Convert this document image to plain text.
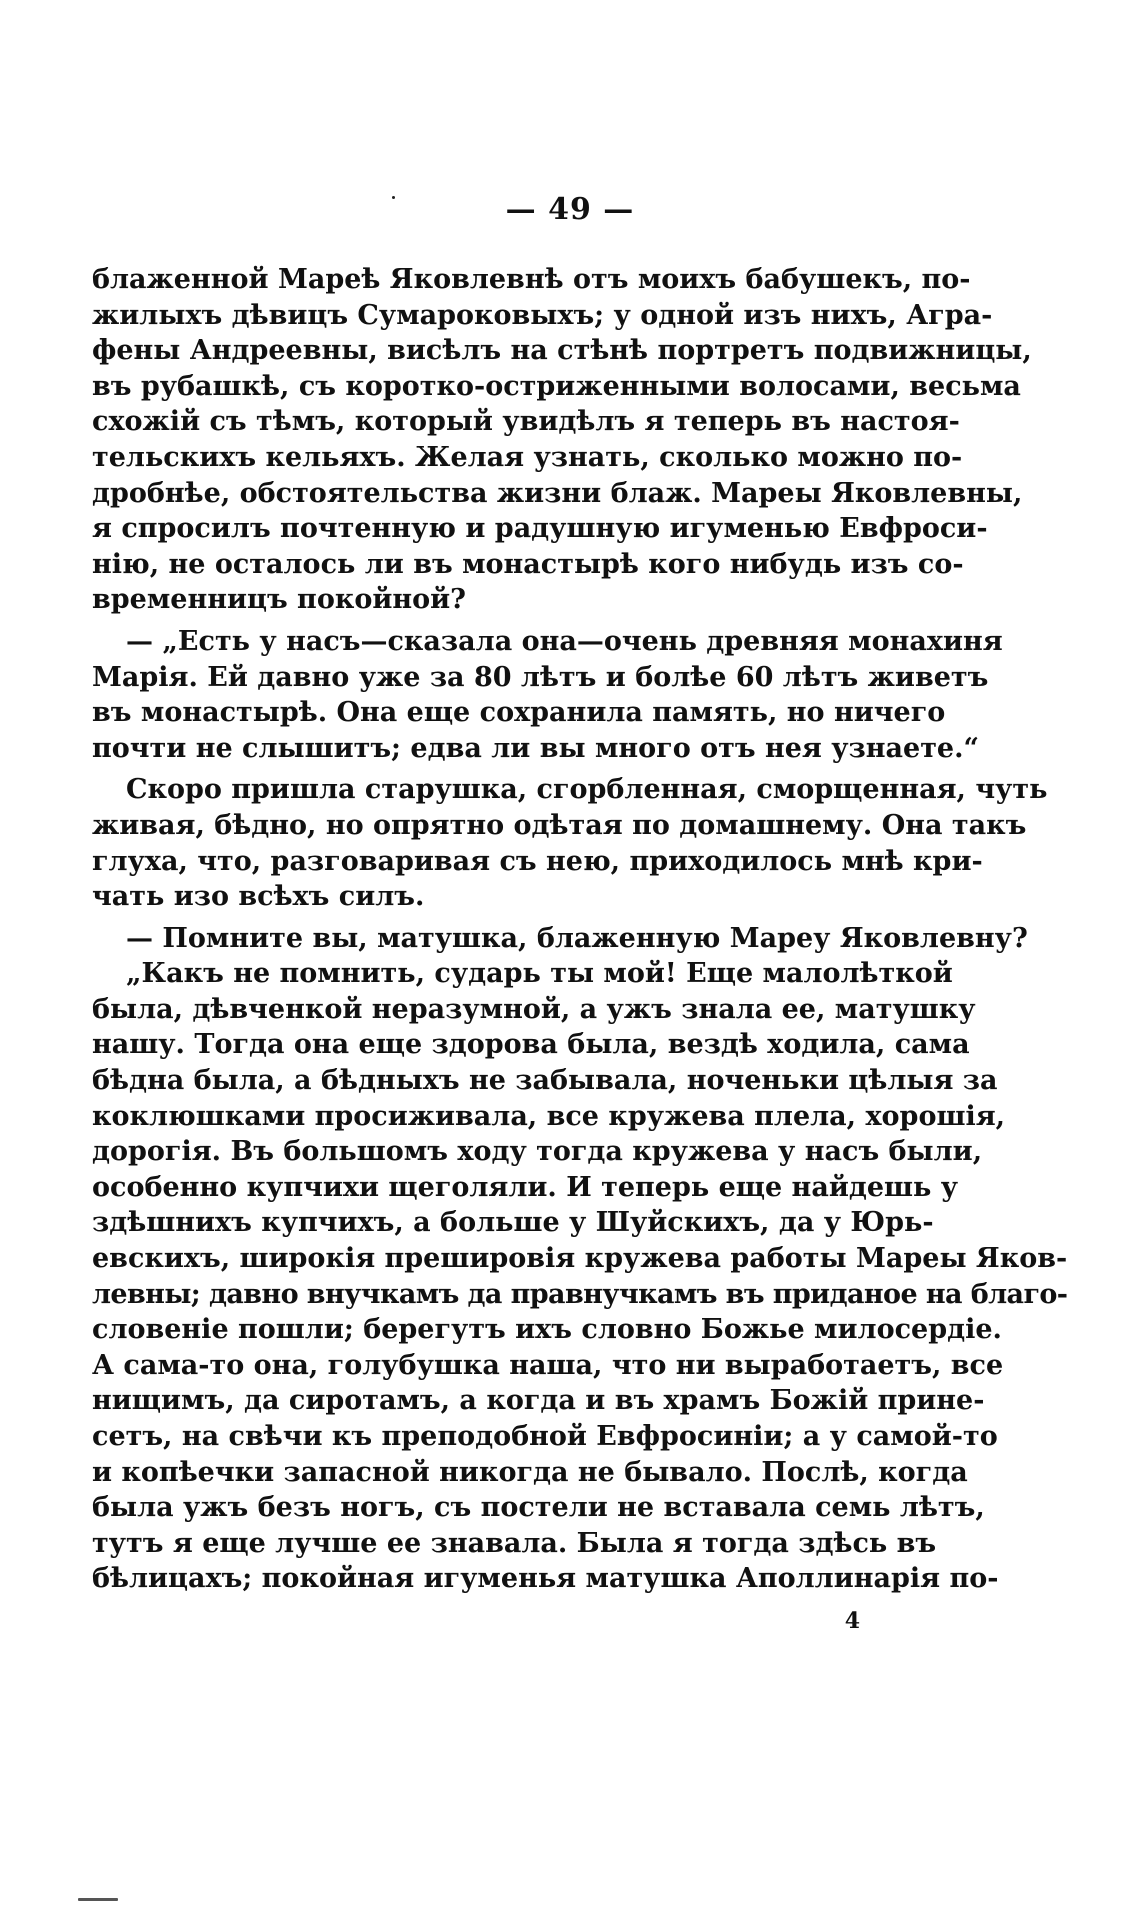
— 49 —
блаженной Мареѣ Яковлевнѣ отъ моихъ бабушекъ, по-
жилыхъ дѣвицъ Сумароковыхъ; у одной изъ нихъ, Агра-
фены Андреевны, висѣлъ на стѣнѣ портретъ подвижницы,
въ рубашкѣ, съ коротко-остриженными волосами, весьма
схожій съ тѣмъ, который увидѣлъ я теперь въ настоя-
тельскихъ кельяхъ. Желая узнать, сколько можно по-
дробнѣе, обстоятельства жизни блаж. Мареы Яковлевны,
я спросилъ почтенную и радушную игуменью Евфроси-
нію, не осталось ли въ монастырѣ кого нибудь изъ со-
временницъ покойной?
— „Есть у насъ—сказала она—очень древняя монахиня
Марія. Ей давно уже за 80 лѣтъ и болѣе 60 лѣтъ живетъ
въ монастырѣ. Она еще сохранила память, но ничего
почти не слышитъ; едва ли вы много отъ нея узнаете.“
Скоро пришла старушка, сгорбленная, сморщенная, чуть
живая, бѣдно, но опрятно одѣтая по домашнему. Она такъ
глуха, что, разговаривая съ нею, приходилось мнѣ кри-
чать изо всѣхъ силъ.
— Помните вы, матушка, блаженную Мареу Яковлевну?
„Какъ не помнить, сударь ты мой! Еще малолѣткой
была, дѣвченкой неразумной, а ужъ знала ее, матушку
нашу. Тогда она еще здорова была, вездѣ ходила, сама
бѣдна была, а бѣдныхъ не забывала, ноченьки цѣлыя за
коклюшками просиживала, все кружева плела, хорошія,
дорогія. Въ большомъ ходу тогда кружева у насъ были,
особенно купчихи щеголяли. И теперь еще найдешь у
здѣшнихъ купчихъ, а больше у Шуйскихъ, да у Юрь-
евскихъ, широкія прешировія кружева работы Мареы Яков-
левны; давно внучкамъ да правнучкамъ въ приданое на благо-
словеніе пошли; берегутъ ихъ словно Божье милосердіе.
А сама-то она, голубушка наша, что ни выработаетъ, все
нищимъ, да сиротамъ, а когда и въ храмъ Божій прине-
сетъ, на свѣчи къ преподобной Евфросиніи; а у самой-то
и копѣечки запасной никогда не бывало. Послѣ, когда
была ужъ безъ ногъ, съ постели не вставала семь лѣтъ,
тутъ я еще лучше ее знавала. Была я тогда здѣсь въ
бѣлицахъ; покойная игуменья матушка Аполлинарія по-
4
